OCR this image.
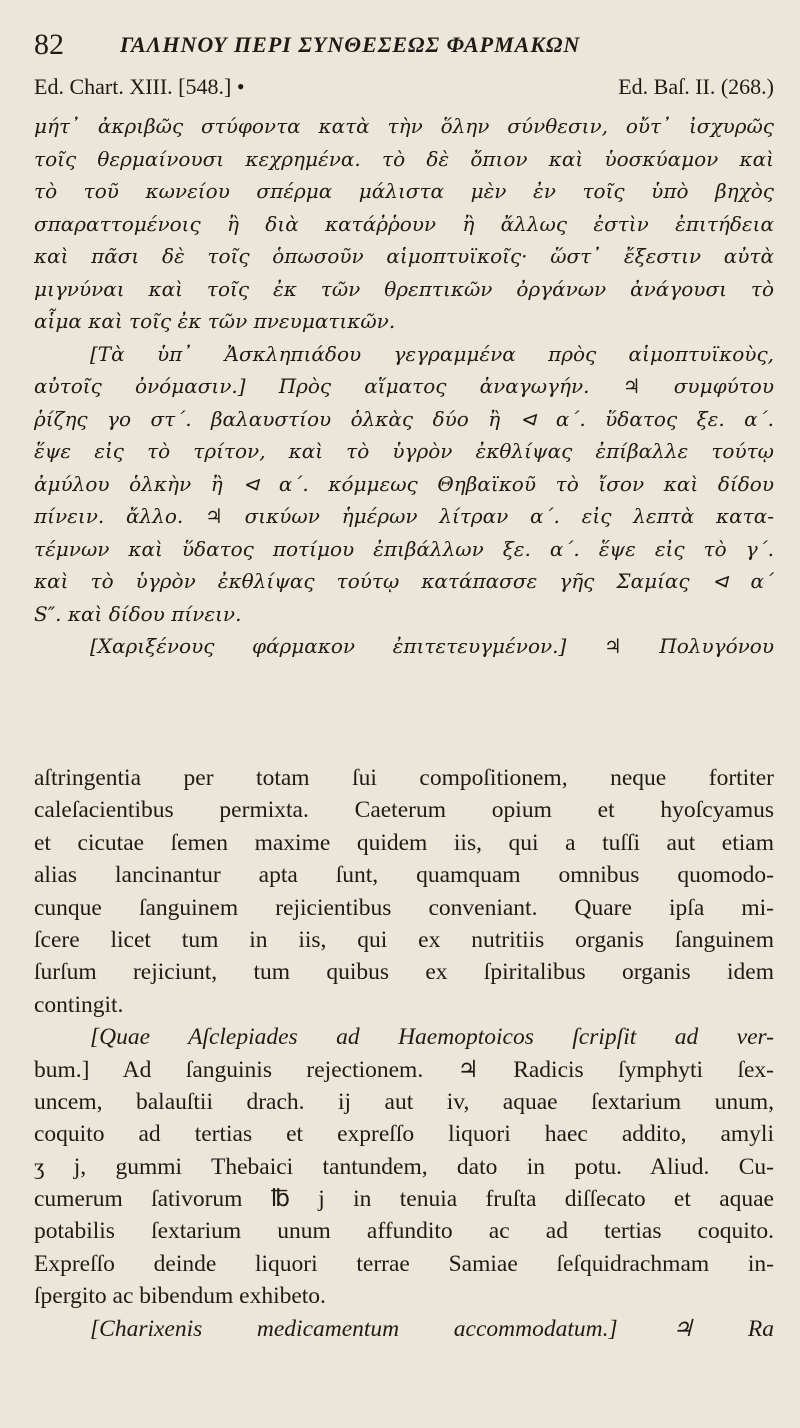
82	ΓΑΛΗΝΟΥ ΠΕΡΙ ΣΥΝΘΕΣΕΩΣ ΦΑΡΜΑΚΩΝ
Ed. Chart. XIII. [548.] •	Ed. Baſ. II. (268.)
μήτ᾽ ἀκριβῶς στύφοντα κατὰ τὴν ὅλην σύνθεσιν, οὔτ᾽ ἰσχυρῶς
τοῖς θερμαίνουσι κεχρημένα. τὸ δὲ ὄπιον καὶ ὑοσκύαμον καὶ
τὸ τοῦ κωνείου σπέρμα μάλιστα μὲν ἐν τοῖς ὑπὸ βηχὸς
σπαραττομένοις ἢ διὰ κατάῤῥουν ἢ ἄλλως ἐστὶν ἐπιτήδεια
καὶ πᾶσι δὲ τοῖς ὁπωσοῦν αἱμοπτυϊκοῖς· ὥστ᾽ ἔξεστιν αὐτὰ
μιγνύναι καὶ τοῖς ἐκ τῶν θρεπτικῶν ὀργάνων ἀνάγουσι τὸ
αἷμα καὶ τοῖς ἐκ τῶν πνευματικῶν.
[Τὰ ὑπ᾽ Ἀσκληπιάδου γεγραμμένα πρὸς αἱμοπτυϊκοὺς,
αὐτοῖς ὀνόμασιν.] Πρὸς αἵματος ἀναγωγήν. ♃ συμφύτου
ῥίζης γο στ΄. βαλαυστίου ὁλκὰς δύο ἢ ⊲ α΄. ὕδατος ξε. α΄.
ἕψε εἰς τὸ τρίτον, καὶ τὸ ὑγρὸν ἐκθλίψας ἐπίβαλλε τούτῳ
ἀμύλου ὁλκὴν ἢ ⊲ α΄. κόμμεως Θηβαϊκοῦ τὸ ἴσον καὶ δίδου
πίνειν. ἄλλο. ♃ σικύων ἡμέρων λίτραν α΄. εἰς λεπτὰ κατα-
τέμνων καὶ ὕδατος ποτίμου ἐπιβάλλων ξε. α΄. ἕψε εἰς τὸ γ΄.
καὶ τὸ ὑγρὸν ἐκθλίψας τούτῳ κατάπασσε γῆς Σαμίας ⊲ α΄
S″. καὶ δίδου πίνειν.
[Χαριξένους φάρμακον ἐπιτετευγμένον.] ♃ Πολυγόνου
aſtringentia per totam ſui compoſitionem, neque fortiter
caleſacientibus permixta. Caeterum opium et hyoſcyamus
et cicutae ſemen maxime quidem iis, qui a tuſſi aut etiam
alias lancinantur apta ſunt, quamquam omnibus quomodo-
cunque ſanguinem rejicientibus conveniant. Quare ipſa mi-
ſcere licet tum in iis, qui ex nutritiis organis ſanguinem
ſurſum rejiciunt, tum quibus ex ſpiritalibus organis idem
contingit.
[Quae Aſclepiades ad Haemoptoicos ſcripſit ad ver-
bum.] Ad ſanguinis rejectionem. ♃ Radicis ſymphyti ſex-
uncem, balauſtii drach. ij aut iv, aquae ſextarium unum,
coquito ad tertias et expreſſo liquori haec addito, amyli
ʒ j, gummi Thebaici tantundem, dato in potu. Aliud. Cu-
cumerum ſativorum ℔ j in tenuia fruſta diſſecato et aquae
potabilis ſextarium unum affundito ac ad tertias coquito.
Expreſſo deinde liquori terrae Samiae ſeſquidrachmam in-
ſpergito ac bibendum exhibeto.
[Charixenis medicamentum accommodatum.] ♃ Ra
